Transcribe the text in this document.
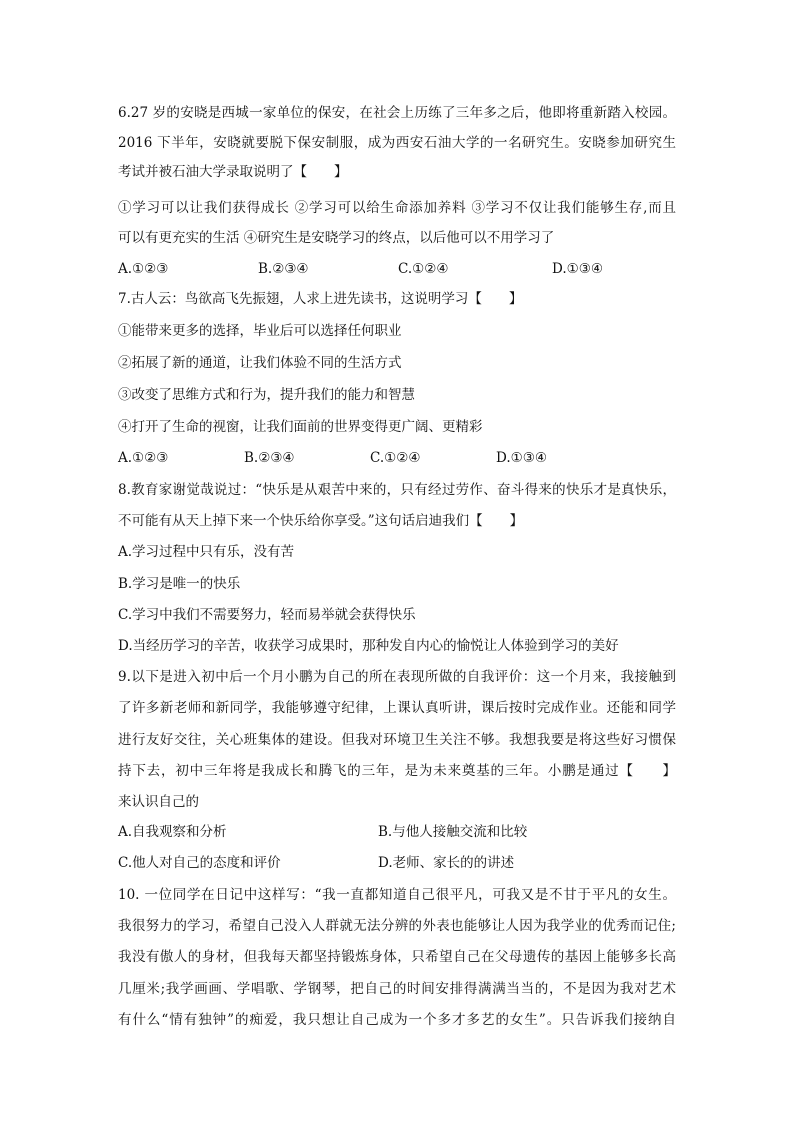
6.27 岁的安晓是西城一家单位的保安，在社会上历练了三年多之后，他即将重新踏入校园。
2016 下半年，安晓就要脱下保安制服，成为西安石油大学的一名研究生。安晓参加研究生
考试并被石油大学录取说明了【　　】
①学习可以让我们获得成长 ②学习可以给生命添加养料 ③学习不仅让我们能够生存,而且
可以有更充实的生活 ④研究生是安晓学习的终点，以后他可以不用学习了
A.①②③	B.②③④	C.①②④	D.①③④
7.古人云：鸟欲高飞先振翅，人求上进先读书，这说明学习【　　】
①能带来更多的选择，毕业后可以选择任何职业
②拓展了新的通道，让我们体验不同的生活方式
③改变了思维方式和行为，提升我们的能力和智慧
④打开了生命的视窗，让我们面前的世界变得更广阔、更精彩
A.①②③	B.②③④	C.①②④	D.①③④
8.教育家谢觉哉说过：“快乐是从艰苦中来的，只有经过劳作、奋斗得来的快乐才是真快乐，
不可能有从天上掉下来一个快乐给你享受。”这句话启迪我们【　　】
A.学习过程中只有乐，没有苦
B.学习是唯一的快乐
C.学习中我们不需要努力，轻而易举就会获得快乐
D.当经历学习的辛苦，收获学习成果时，那种发自内心的愉悦让人体验到学习的美好
9.以下是进入初中后一个月小鹏为自己的所在表现所做的自我评价：这一个月来，我接触到
了许多新老师和新同学，我能够遵守纪律，上课认真听讲，课后按时完成作业。还能和同学
进行友好交往，关心班集体的建设。但我对环境卫生关注不够。我想我要是将这些好习惯保
持下去，初中三年将是我成长和腾飞的三年，是为未来奠基的三年。小鹏是通过【　　】
来认识自己的
A.自我观察和分析	B.与他人接触交流和比较
C.他人对自己的态度和评价	D.老师、家长的的讲述
10. 一位同学在日记中这样写：“我一直都知道自己很平凡，可我又是不甘于平凡的女生。
我很努力的学习，希望自己没入人群就无法分辨的外表也能够让人因为我学业的优秀而记住;
我没有傲人的身材，但我每天都坚持锻炼身体，只希望自己在父母遗传的基因上能够多长高
几厘米;我学画画、学唱歌、学钢琴，把自己的时间安排得满满当当的，不是因为我对艺术
有什么“情有独钟”的痴爱，我只想让自己成为一个多才多艺的女生”。只告诉我们接纳自
